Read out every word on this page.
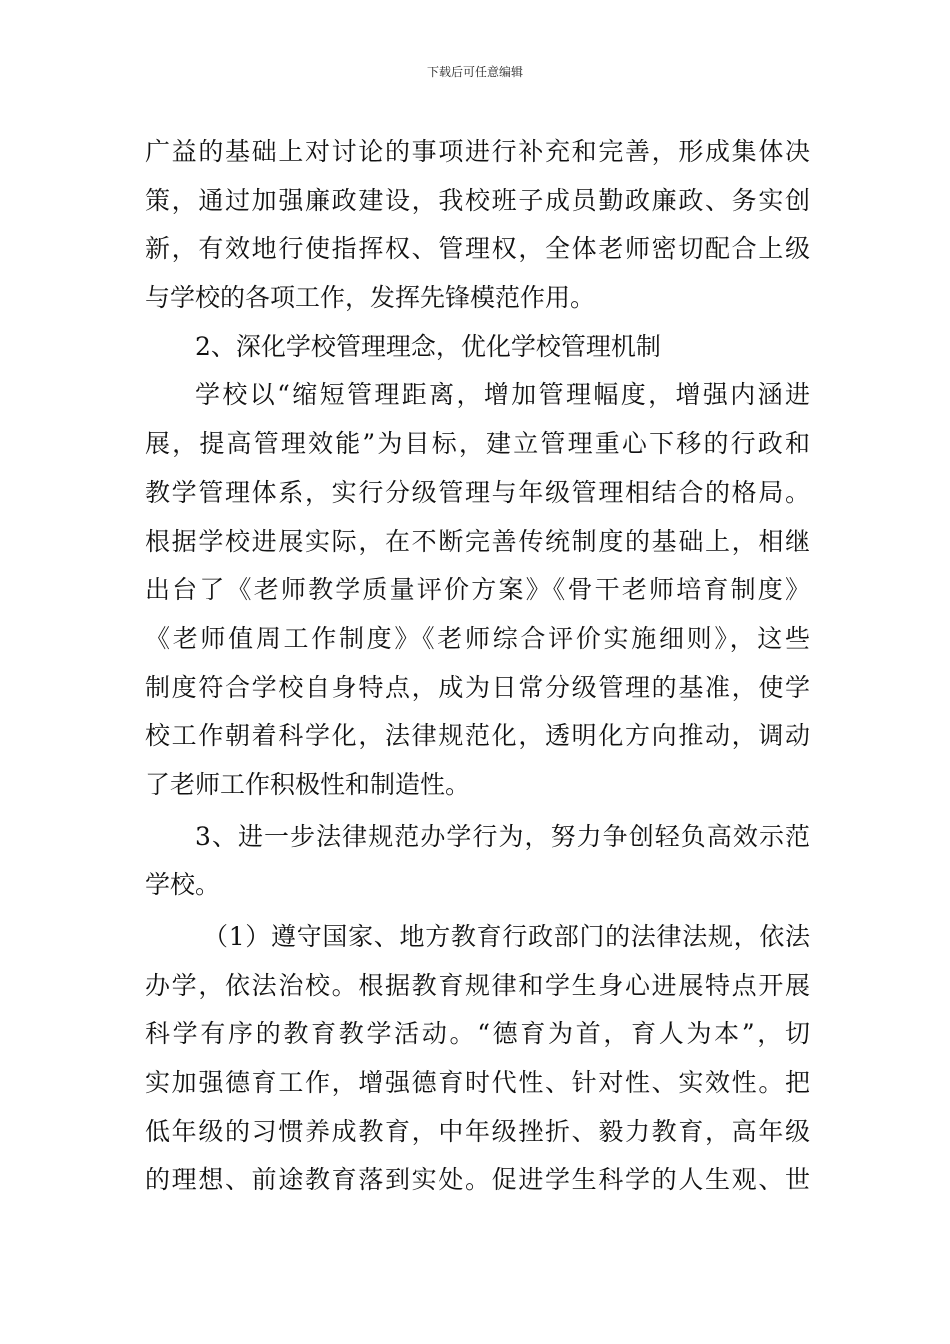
下载后可任意编辑
广益的基础上对讨论的事项进行补充和完善，形成集体决
策，通过加强廉政建设，我校班子成员勤政廉政、务实创
新，有效地行使指挥权、管理权，全体老师密切配合上级
与学校的各项工作，发挥先锋模范作用。
2、深化学校管理理念，优化学校管理机制
学校以“缩短管理距离，增加管理幅度，增强内涵进
展，提高管理效能”为目标，建立管理重心下移的行政和
教学管理体系，实行分级管理与年级管理相结合的格局。
根据学校进展实际，在不断完善传统制度的基础上，相继
出台了《老师教学质量评价方案》《骨干老师培育制度》
《老师值周工作制度》《老师综合评价实施细则》，这些
制度符合学校自身特点，成为日常分级管理的基准，使学
校工作朝着科学化，法律规范化，透明化方向推动，调动
了老师工作积极性和制造性。
3、进一步法律规范办学行为，努力争创轻负高效示范
学校。
（1）遵守国家、地方教育行政部门的法律法规，依法
办学，依法治校。根据教育规律和学生身心进展特点开展
科学有序的教育教学活动。“德育为首，育人为本”，切
实加强德育工作，增强德育时代性、针对性、实效性。把
低年级的习惯养成教育，中年级挫折、毅力教育，高年级
的理想、前途教育落到实处。促进学生科学的人生观、世
